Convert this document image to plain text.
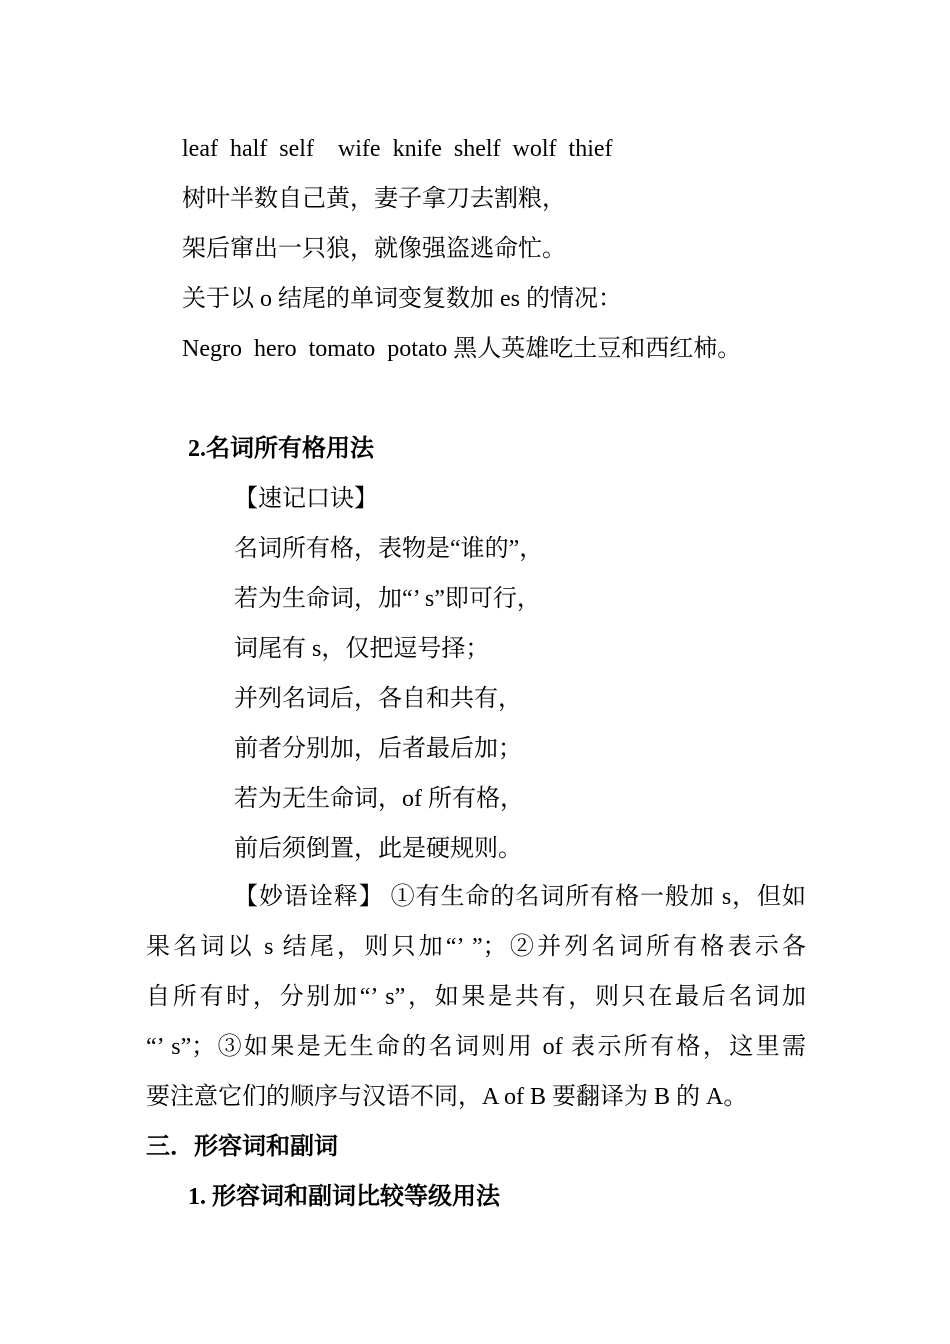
leaf  half  self    wife  knife  shelf  wolf  thief
树叶半数自己黄，妻子拿刀去割粮，
架后窜出一只狼，就像强盗逃命忙。
关于以 o 结尾的单词变复数加 es 的情况：
Negro  hero  tomato  potato 黑人英雄吃土豆和西红柿。
2.名词所有格用法
【速记口诀】
名词所有格，表物是“谁的”，
若为生命词，加“’ s”即可行，
词尾有 s，仅把逗号择；
并列名词后，各自和共有，
前者分别加，后者最后加；
若为无生命词，of 所有格，
前后须倒置，此是硬规则。
【妙语诠释】 ①有生命的名词所有格一般加 s，但如
果名词以 s 结尾，则只加“’ ”；②并列名词所有格表示各
自所有时，分别加“’ s”，如果是共有，则只在最后名词加
“’ s”；③如果是无生命的名词则用 of 表示所有格，这里需
要注意它们的顺序与汉语不同，A of B 要翻译为 B 的 A。
三．形容词和副词
1. 形容词和副词比较等级用法
